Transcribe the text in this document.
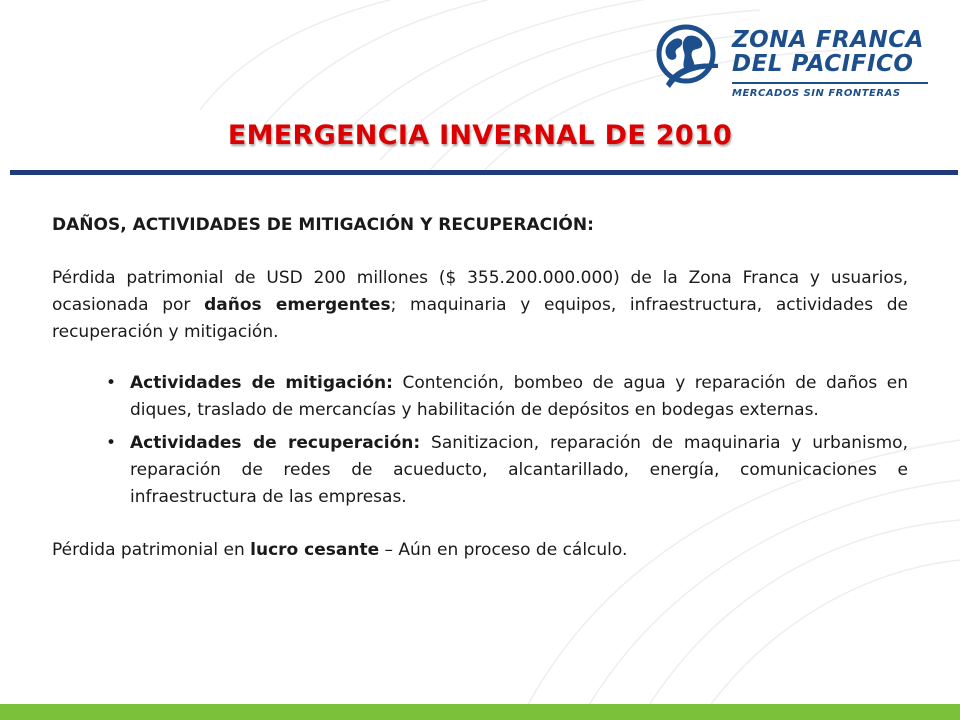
ZONA FRANCA
DEL PACIFICO
MERCADOS SIN FRONTERAS
EMERGENCIA INVERNAL DE 2010
DAÑOS, ACTIVIDADES DE MITIGACIÓN Y RECUPERACIÓN:

Pérdida patrimonial de USD 200 millones ($ 355.200.000.000) de la Zona Franca y usuarios, ocasionada por daños emergentes; maquinaria y equipos, infraestructura, actividades de recuperación y mitigación.

• Actividades de mitigación: Contención, bombeo de agua y reparación de daños en diques, traslado de mercancías y habilitación de depósitos en bodegas externas.
• Actividades de recuperación: Sanitizacion, reparación de maquinaria y urbanismo, reparación de redes de acueducto, alcantarillado, energía, comunicaciones e infraestructura de las empresas.

Pérdida patrimonial en lucro cesante – Aún en proceso de cálculo.
